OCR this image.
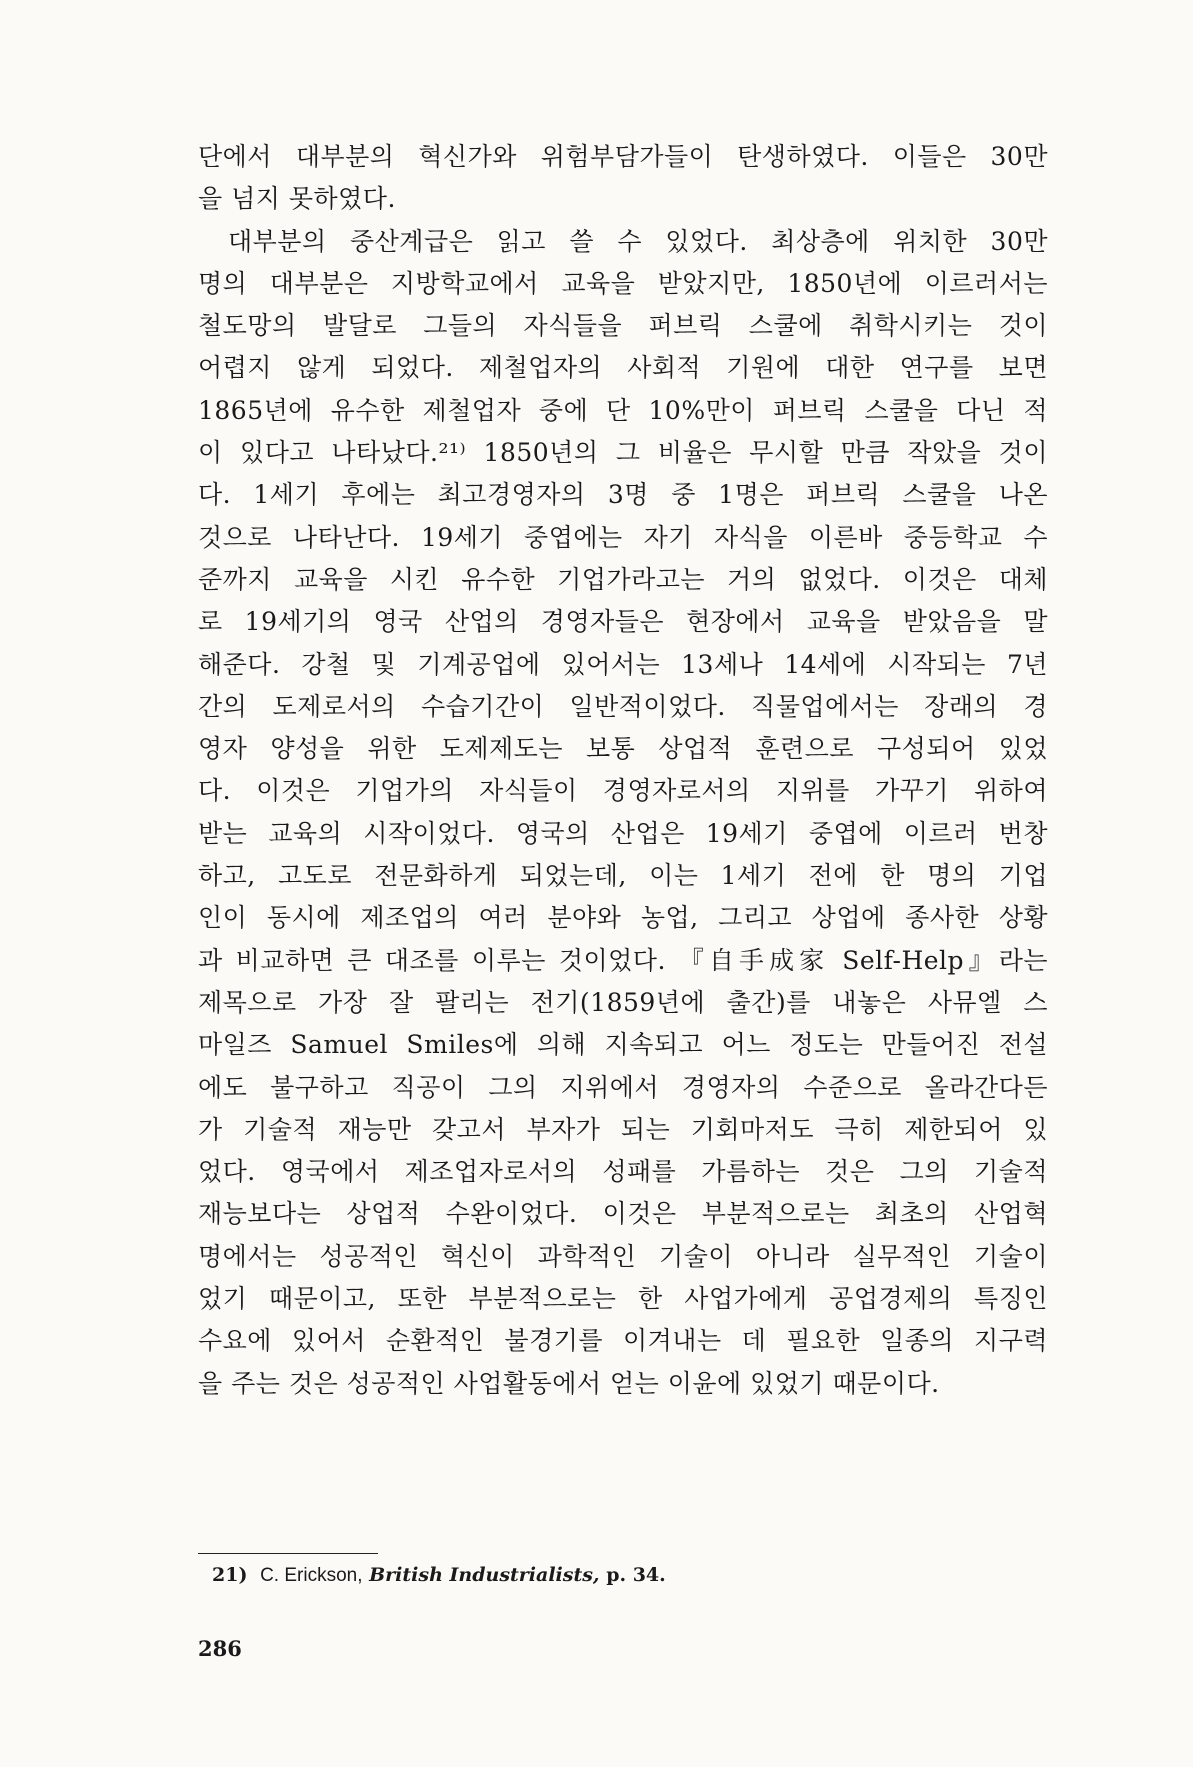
단에서 대부분의 혁신가와 위험부담가들이 탄생하였다. 이들은 30만
을 넘지 못하였다.
대부분의 중산계급은 읽고 쓸 수 있었다. 최상층에 위치한 30만
명의 대부분은 지방학교에서 교육을 받았지만, 1850년에 이르러서는
철도망의 발달로 그들의 자식들을 퍼브릭 스쿨에 취학시키는 것이
어렵지 않게 되었다. 제철업자의 사회적 기원에 대한 연구를 보면
1865년에 유수한 제철업자 중에 단 10%만이 퍼브릭 스쿨을 다닌 적
이 있다고 나타났다.²¹⁾ 1850년의 그 비율은 무시할 만큼 작았을 것이
다. 1세기 후에는 최고경영자의 3명 중 1명은 퍼브릭 스쿨을 나온
것으로 나타난다. 19세기 중엽에는 자기 자식을 이른바 중등학교 수
준까지 교육을 시킨 유수한 기업가라고는 거의 없었다. 이것은 대체
로 19세기의 영국 산업의 경영자들은 현장에서 교육을 받았음을 말
해준다. 강철 및 기계공업에 있어서는 13세나 14세에 시작되는 7년
간의 도제로서의 수습기간이 일반적이었다. 직물업에서는 장래의 경
영자 양성을 위한 도제제도는 보통 상업적 훈련으로 구성되어 있었
다. 이것은 기업가의 자식들이 경영자로서의 지위를 가꾸기 위하여
받는 교육의 시작이었다. 영국의 산업은 19세기 중엽에 이르러 번창
하고, 고도로 전문화하게 되었는데, 이는 1세기 전에 한 명의 기업
인이 동시에 제조업의 여러 분야와 농업, 그리고 상업에 종사한 상황
과 비교하면 큰 대조를 이루는 것이었다. 『自手成家 Self-Help』라는
제목으로 가장 잘 팔리는 전기(1859년에 출간)를 내놓은 사뮤엘 스
마일즈 Samuel Smiles에 의해 지속되고 어느 정도는 만들어진 전설
에도 불구하고 직공이 그의 지위에서 경영자의 수준으로 올라간다든
가 기술적 재능만 갖고서 부자가 되는 기회마저도 극히 제한되어 있
었다. 영국에서 제조업자로서의 성패를 가름하는 것은 그의 기술적
재능보다는 상업적 수완이었다. 이것은 부분적으로는 최초의 산업혁
명에서는 성공적인 혁신이 과학적인 기술이 아니라 실무적인 기술이
었기 때문이고, 또한 부분적으로는 한 사업가에게 공업경제의 특징인
수요에 있어서 순환적인 불경기를 이겨내는 데 필요한 일종의 지구력
을 주는 것은 성공적인 사업활동에서 얻는 이윤에 있었기 때문이다.
21) C. Erickson, British Industrialists, p. 34.
286
